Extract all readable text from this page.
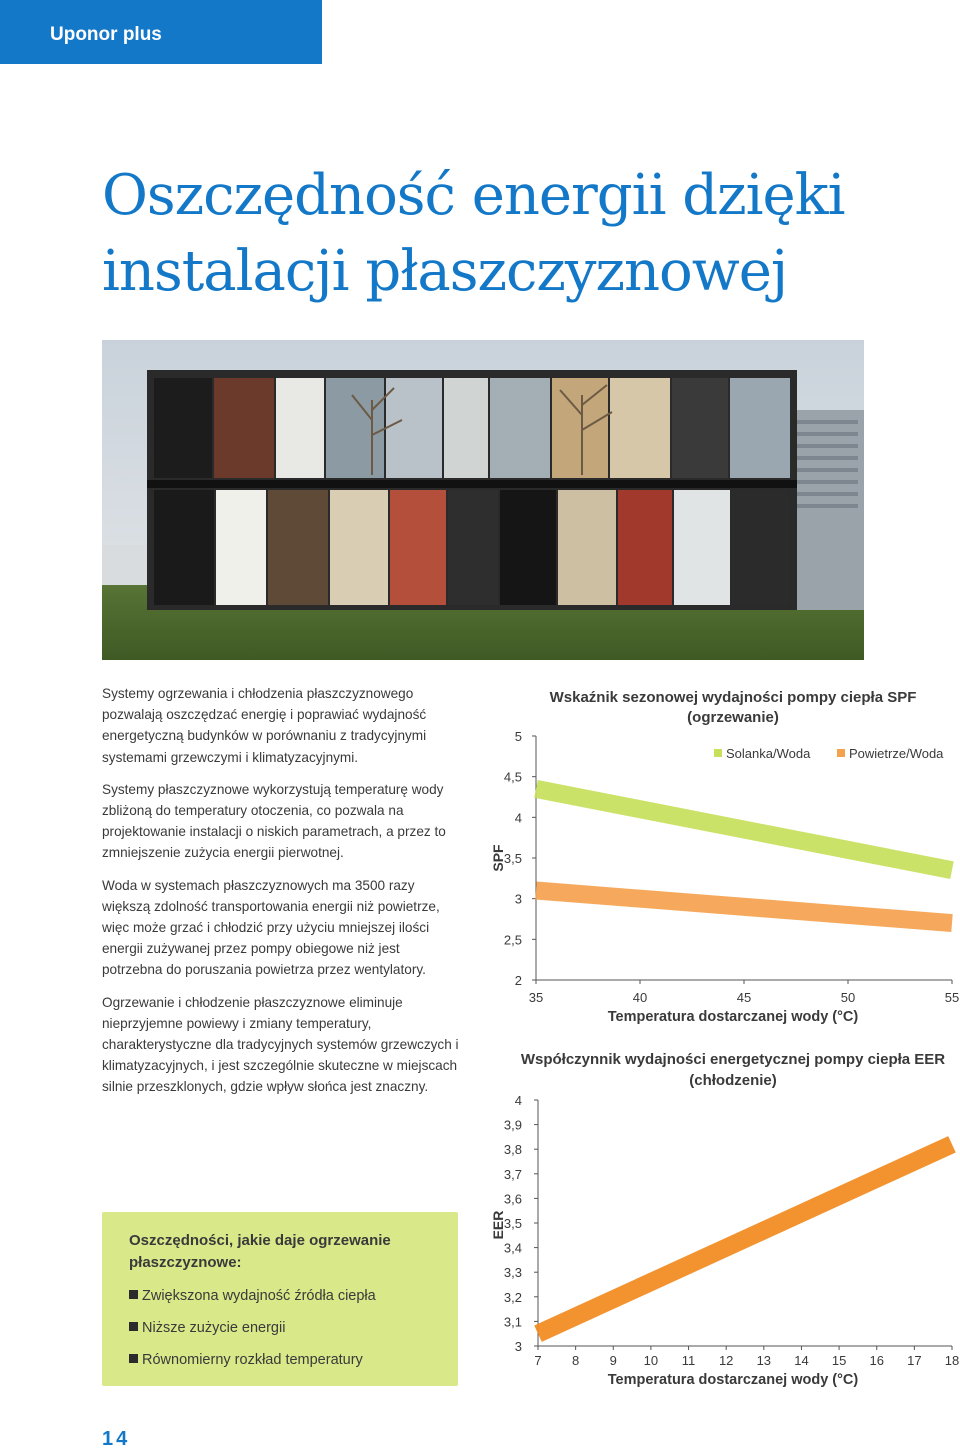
Uponor plus
Oszczędność energii dzięki
instalacji płaszczyznowej

Systemy ogrzewania i chłodzenia płaszczyznowego pozwalają oszczędzać energię i poprawiać wydajność energetyczną budynków w porównaniu z tradycyjnymi systemami grzewczymi i klimatyzacyjnymi.

Systemy płaszczyznowe wykorzystują temperaturę wody zbliżoną do temperatury otoczenia, co pozwala na projektowanie instalacji o niskich parametrach, a przez to zmniejszenie zużycia energii pierwotnej.

Woda w systemach płaszczyznowych ma 3500 razy większą zdolność transportowania energii niż powietrze, więc może grzać i chłodzić przy użyciu mniejszej ilości energii zużywanej przez pompy obiegowe niż jest potrzebna do poruszania powietrza przez wentylatory.

Ogrzewanie i chłodzenie płaszczyznowe eliminuje nieprzyjemne powiewy i zmiany temperatury, charakterystyczne dla tradycyjnych systemów grzewczych i klimatyzacyjnych, i jest szczególnie skuteczne w miejscach silnie przeszklonych, gdzie wpływ słońca jest znaczny.

Oszczędności, jakie daje ogrzewanie płaszczyznowe:
Zwiększona wydajność źródła ciepła
Niższe zużycie energii
Równomierny rozkład temperatury
14
Wskaźnik sezonowej wydajności pompy ciepła SPF
(ogrzewanie)
2
2,5
3
3,5
4
4,5
5
35	40	45	50	55
Temperatura dostarczanej wody (°C)
SPF
Solanka/Woda	Powietrze/Woda
Współczynnik wydajności energetycznej pompy ciepła EER
(chłodzenie)
3
3,1
3,2
3,3
3,4
3,5
3,6
3,7
3,8
3,9
4
7 8 9 10 11 12 13 14 15 16 17 18
Temperatura dostarczanej wody (°C)
EER
